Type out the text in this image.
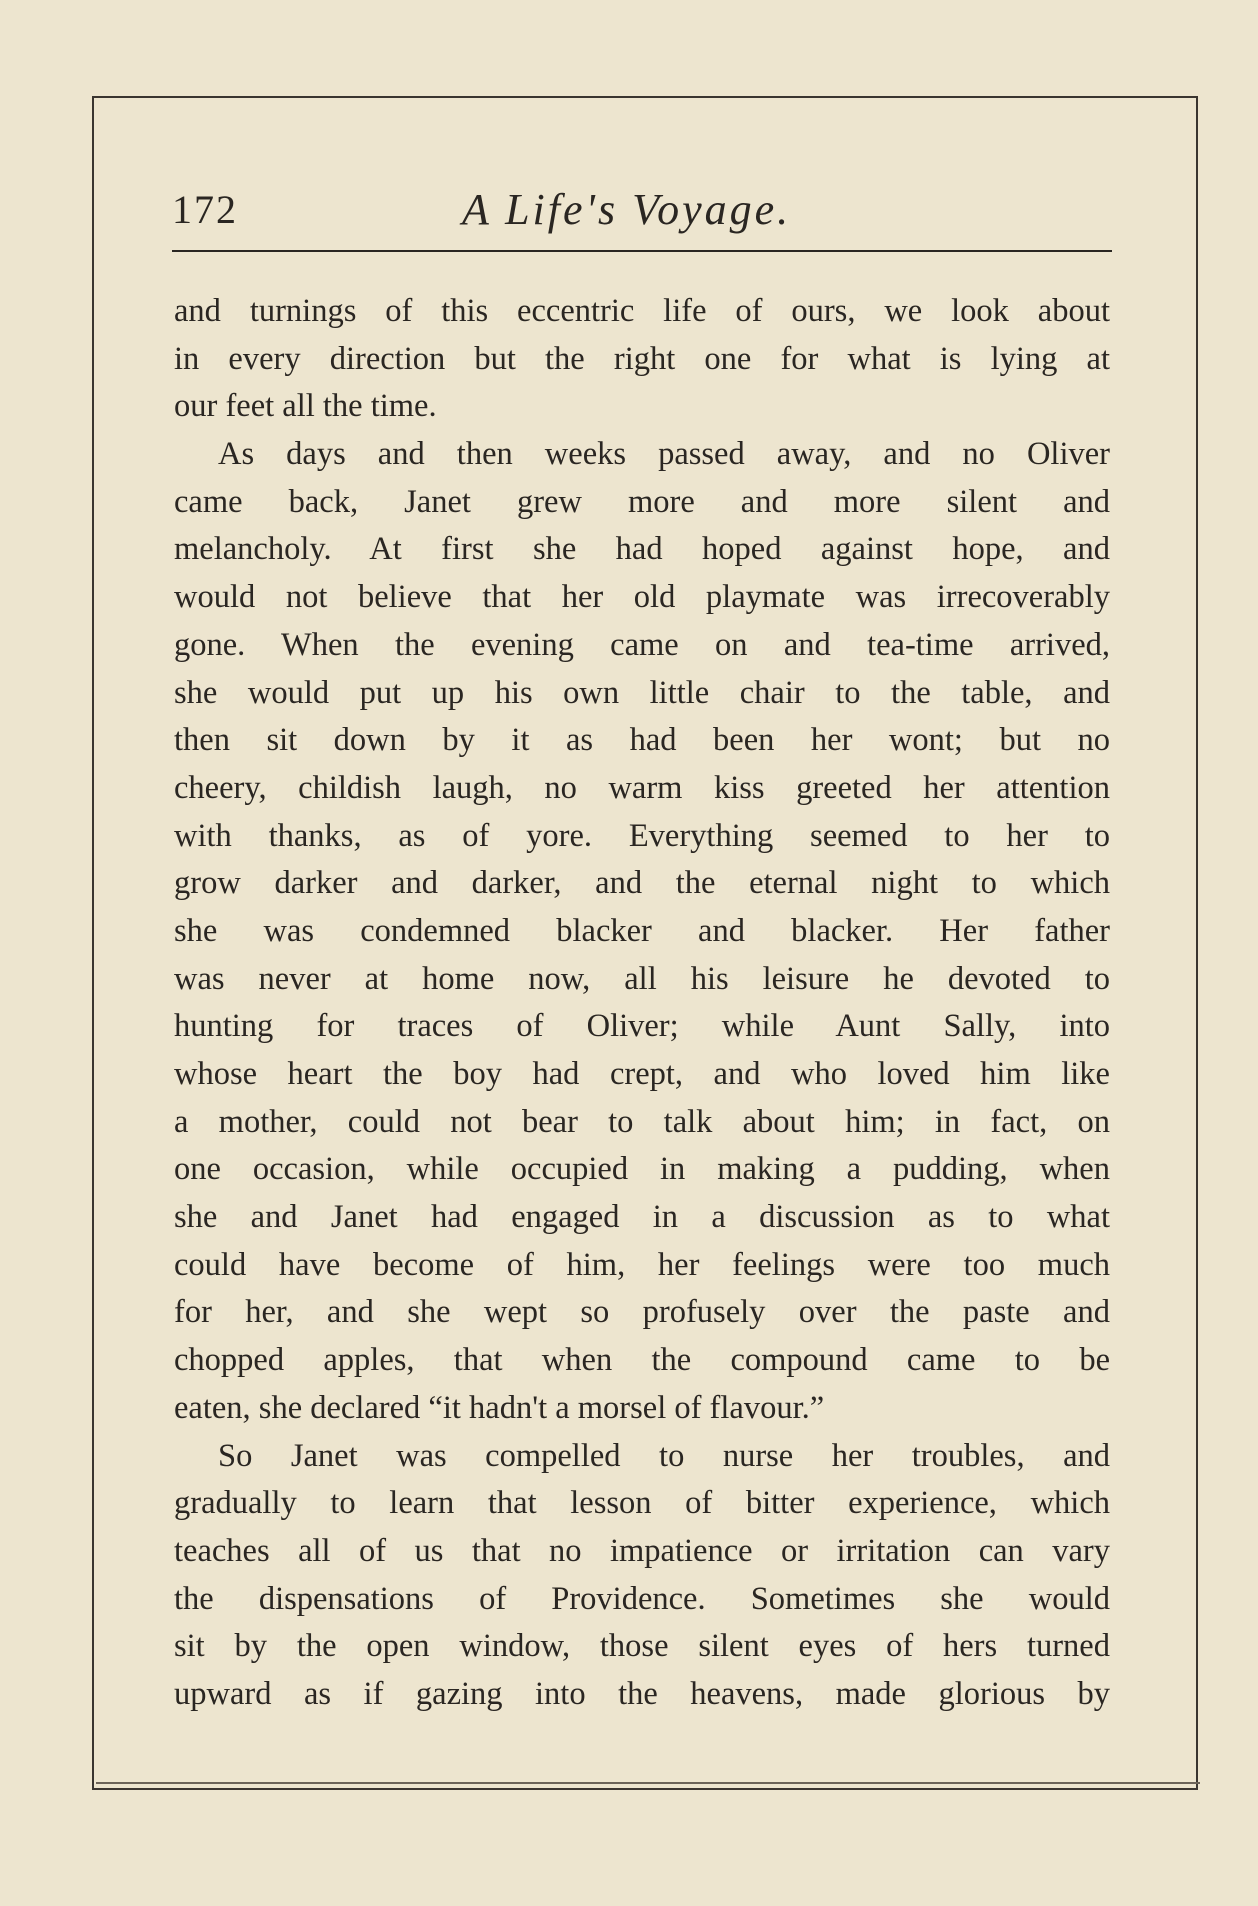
172	A Life's Voyage.
and turnings of this eccentric life of ours, we look about
in every direction but the right one for what is lying at
our feet all the time.
As days and then weeks passed away, and no Oliver
came back, Janet grew more and more silent and
melancholy. At first she had hoped against hope, and
would not believe that her old playmate was irrecoverably
gone. When the evening came on and tea-time arrived,
she would put up his own little chair to the table, and
then sit down by it as had been her wont; but no
cheery, childish laugh, no warm kiss greeted her attention
with thanks, as of yore. Everything seemed to her to
grow darker and darker, and the eternal night to which
she was condemned blacker and blacker. Her father
was never at home now, all his leisure he devoted to
hunting for traces of Oliver; while Aunt Sally, into
whose heart the boy had crept, and who loved him like
a mother, could not bear to talk about him; in fact, on
one occasion, while occupied in making a pudding, when
she and Janet had engaged in a discussion as to what
could have become of him, her feelings were too much
for her, and she wept so profusely over the paste and
chopped apples, that when the compound came to be
eaten, she declared “it hadn't a morsel of flavour.”
So Janet was compelled to nurse her troubles, and
gradually to learn that lesson of bitter experience, which
teaches all of us that no impatience or irritation can vary
the dispensations of Providence. Sometimes she would
sit by the open window, those silent eyes of hers turned
upward as if gazing into the heavens, made glorious by
